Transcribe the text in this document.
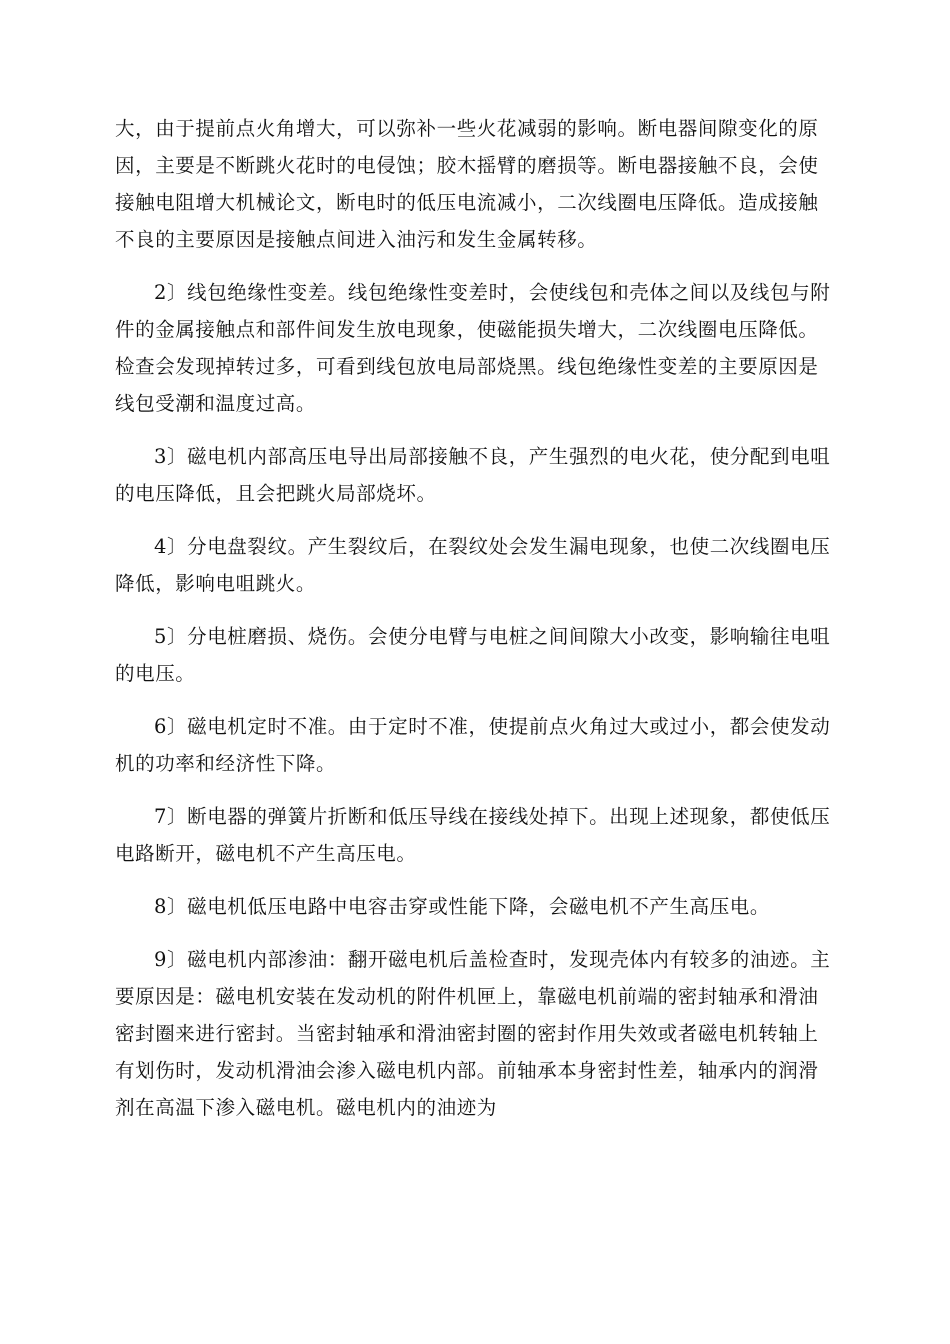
大，由于提前点火角增大，可以弥补一些火花减弱的影响。断电器间隙变化的原因，主要是不断跳火花时的电侵蚀；胶木摇臂的磨损等。断电器接触不良，会使接触电阻增大机械论文，断电时的低压电流减小，二次线圈电压降低。造成接触不良的主要原因是接触点间进入油污和发生金属转移。

2〕线包绝缘性变差。线包绝缘性变差时，会使线包和壳体之间以及线包与附件的金属接触点和部件间发生放电现象，使磁能损失增大，二次线圈电压降低。检查会发现掉转过多，可看到线包放电局部烧黑。线包绝缘性变差的主要原因是线包受潮和温度过高。

3〕磁电机内部高压电导出局部接触不良，产生强烈的电火花，使分配到电咀的电压降低，且会把跳火局部烧坏。

4〕分电盘裂纹。产生裂纹后，在裂纹处会发生漏电现象，也使二次线圈电压降低，影响电咀跳火。

5〕分电桩磨损、烧伤。会使分电臂与电桩之间间隙大小改变，影响输往电咀的电压。

6〕磁电机定时不准。由于定时不准，使提前点火角过大或过小，都会使发动机的功率和经济性下降。

7〕断电器的弹簧片折断和低压导线在接线处掉下。出现上述现象，都使低压电路断开，磁电机不产生高压电。

8〕磁电机低压电路中电容击穿或性能下降，会磁电机不产生高压电。

9〕磁电机内部渗油：翻开磁电机后盖检查时，发现壳体内有较多的油迹。主要原因是：磁电机安装在发动机的附件机匣上，靠磁电机前端的密封轴承和滑油密封圈来进行密封。当密封轴承和滑油密封圈的密封作用失效或者磁电机转轴上有划伤时，发动机滑油会渗入磁电机内部。前轴承本身密封性差，轴承内的润滑剂在高温下渗入磁电机。磁电机内的油迹为
